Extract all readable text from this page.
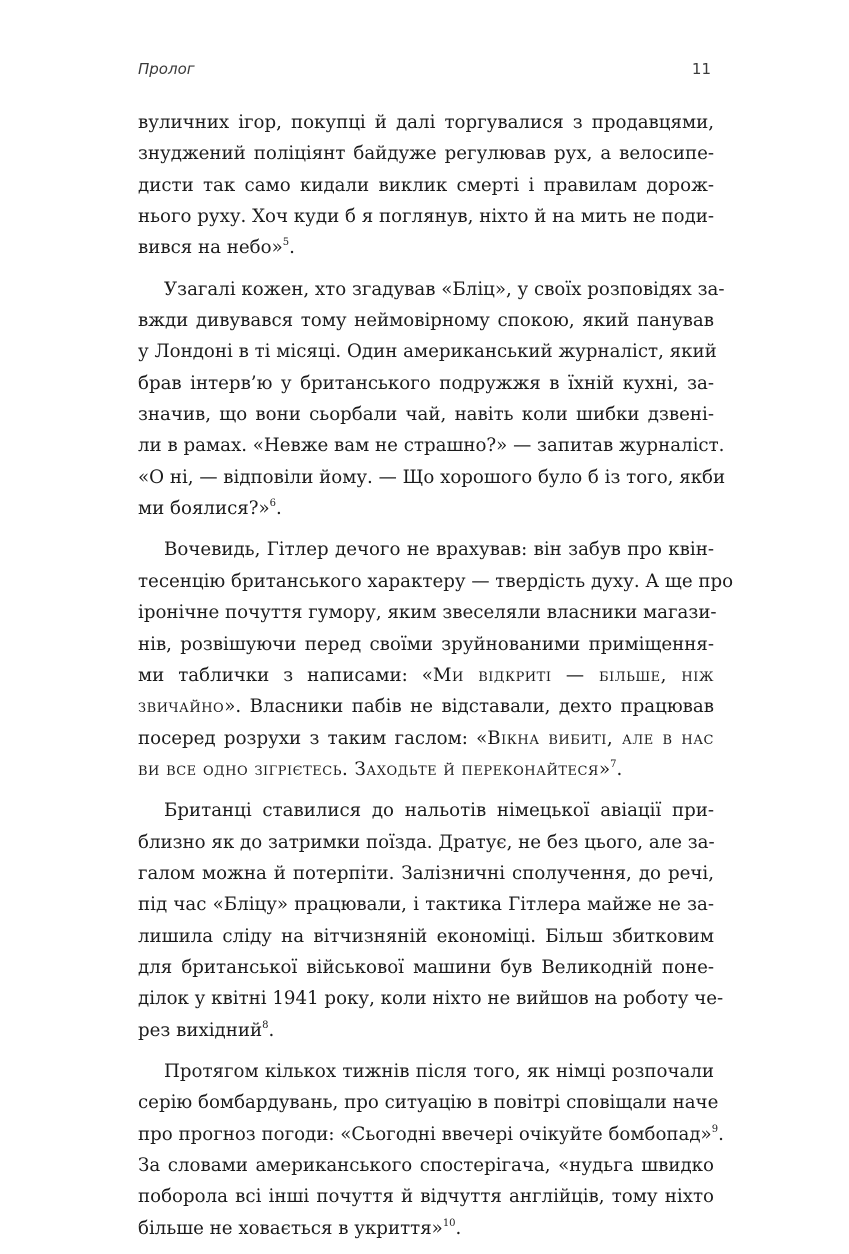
Пролог	11

вуличних ігор, покупці й далі торгувалися з продавцями,
знуджений поліціянт байдуже регулював рух, а велосипе-
дисти так само кидали виклик смерті і правилам дорож-
нього руху. Хоч куди б я поглянув, ніхто й на мить не поди-
вився на небо»$^5$.

Узагалі кожен, хто згадував «Бліц», у своїх розповідях за-
вжди дивувався тому неймовірному спокою, який панував
у Лондоні в ті місяці. Один американський журналіст, який
брав інтерв’ю у британського подружжя в їхній кухні, за-
значив, що вони сьорбали чай, навіть коли шибки дзвені-
ли в рамах. «Невже вам не страшно?» — запитав журналіст.
«О ні, — відповіли йому. — Що хорошого було б із того, якби
ми боялися?»$^6$.

Вочевидь, Гітлер дечого не врахував: він забув про квін-
тесенцію британського характеру — твердість духу. А ще про
іронічне почуття гумору, яким звеселяли власники магази-
нів, розвішуючи перед своїми зруйнованими приміщення-
ми таблички з написами: «Ми відкриті — більше, ніж
звичайно». Власники пабів не відставали, дехто працював
посеред розрухи з таким гаслом: «Вікна вибиті, але в нас
ви все одно зігрієтесь. Заходьте й переконайтеся»$^7$.

Британці ставилися до нальотів німецької авіації при-
близно як до затримки поїзда. Дратує, не без цього, але за-
галом можна й потерпіти. Залізничні сполучення, до речі,
під час «Бліцу» працювали, і тактика Гітлера майже не за-
лишила сліду на вітчизняній економіці. Більш збитковим
для британської військової машини був Великодній поне-
ділок у квітні 1941 року, коли ніхто не вийшов на роботу че-
рез вихідний$^8$.

Протягом кількох тижнів після того, як німці розпочали
серію бомбардувань, про ситуацію в повітрі сповіщали наче
про прогноз погоди: «Сьогодні ввечері очікуйте бомбопад»$^9$.
За словами американського спостерігача, «нудьга швидко
поборола всі інші почуття й відчуття англійців, тому ніхто
більше не ховається в укриття»$^{10}$.
